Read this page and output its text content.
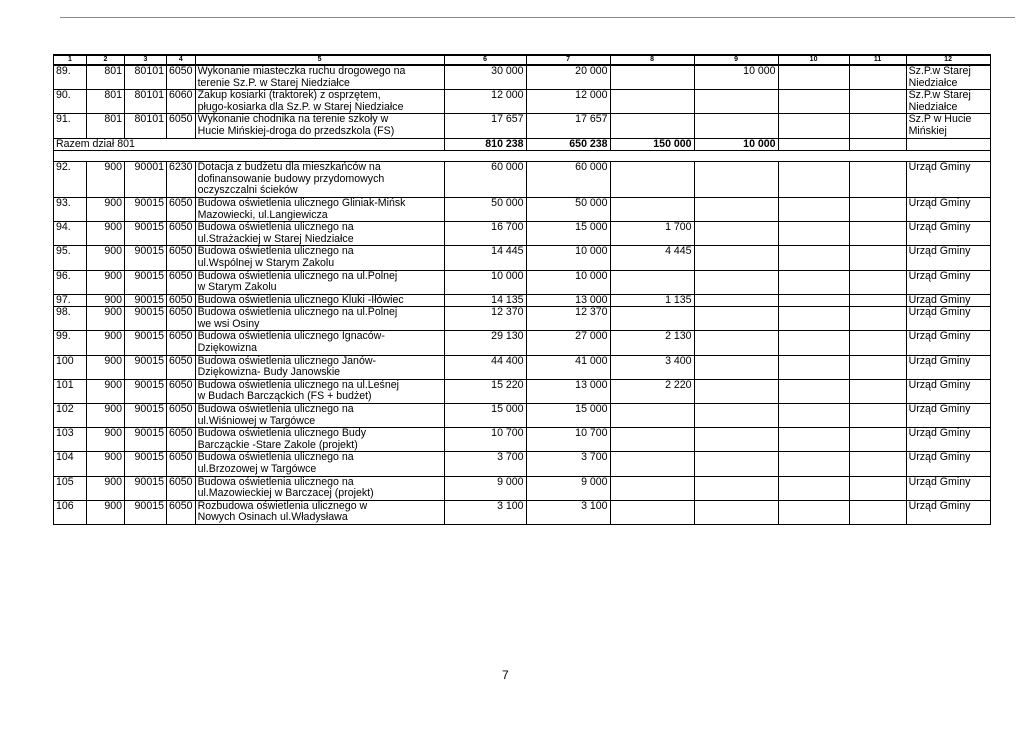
1	2	3	4	5	6	7	8	9	10	11	12
89.	801	80101	6050	Wykonanie miasteczka ruchu drogowego na
terenie Sz.P. w Starej Niedziałce	30 000	20 000		10 000			Sz.P.w Starej
Niedziałce
90.	801	80101	6060	Zakup kosiarki (traktorek) z osprzętem,
pługo-kosiarka dla Sz.P. w Starej Niedziałce	12 000	12 000					Sz.P.w Starej
Niedziałce
91.	801	80101	6050	Wykonanie chodnika na terenie szkoły w
Hucie Mińskiej-droga do przedszkola (FS)	17 657	17 657					Sz.P w Hucie
Mińskiej
Razem dział 801					810 238	650 238	150 000	10 000			

92.	900	90001	6230	Dotacja z budżetu dla mieszkańców na
dofinansowanie budowy przydomowych
oczyszczalni ścieków	60 000	60 000					Urząd Gminy
93.	900	90015	6050	Budowa oświetlenia ulicznego Gliniak-Mińsk
Mazowiecki, ul.Langiewicza	50 000	50 000					Urząd Gminy
94.	900	90015	6050	Budowa oświetlenia ulicznego na
ul.Strażackiej w Starej Niedziałce	16 700	15 000	1 700				Urząd Gminy
95.	900	90015	6050	Budowa oświetlenia ulicznego na
ul.Wspólnej w Starym Zakolu	14 445	10 000	4 445				Urząd Gminy
96.	900	90015	6050	Budowa oświetlenia ulicznego na ul.Polnej
w Starym Zakolu	10 000	10 000					Urząd Gminy
97.	900	90015	6050	Budowa oświetlenia ulicznego Kluki -Iłówiec	14 135	13 000	1 135				Urząd Gminy
98.	900	90015	6050	Budowa oświetlenia ulicznego na ul.Polnej
we wsi Osiny	12 370	12 370					Urząd Gminy
99.	900	90015	6050	Budowa oświetlenia ulicznego Ignaców-
Dziękowizna	29 130	27 000	2 130				Urząd Gminy
100	900	90015	6050	Budowa oświetlenia ulicznego Janów-
Dziękowizna- Budy Janowskie	44 400	41 000	3 400				Urząd Gminy
101	900	90015	6050	Budowa oświetlenia ulicznego na ul.Leśnej
w Budach Barcząckich (FS + budżet)	15 220	13 000	2 220				Urząd Gminy
102	900	90015	6050	Budowa oświetlenia ulicznego na
ul.Wiśniowej w Targówce	15 000	15 000					Urząd Gminy
103	900	90015	6050	Budowa oświetlenia ulicznego Budy
Barcząckie -Stare Zakole (projekt)	10 700	10 700					Urząd Gminy
104	900	90015	6050	Budowa oświetlenia ulicznego na
ul.Brzozowej w Targówce	3 700	3 700					Urząd Gminy
105	900	90015	6050	Budowa oświetlenia ulicznego na
ul.Mazowieckiej w Barczacej (projekt)	9 000	9 000					Urząd Gminy
106	900	90015	6050	Rozbudowa oświetlenia ulicznego w
Nowych Osinach ul.Władysława	3 100	3 100					Urząd Gminy
7
